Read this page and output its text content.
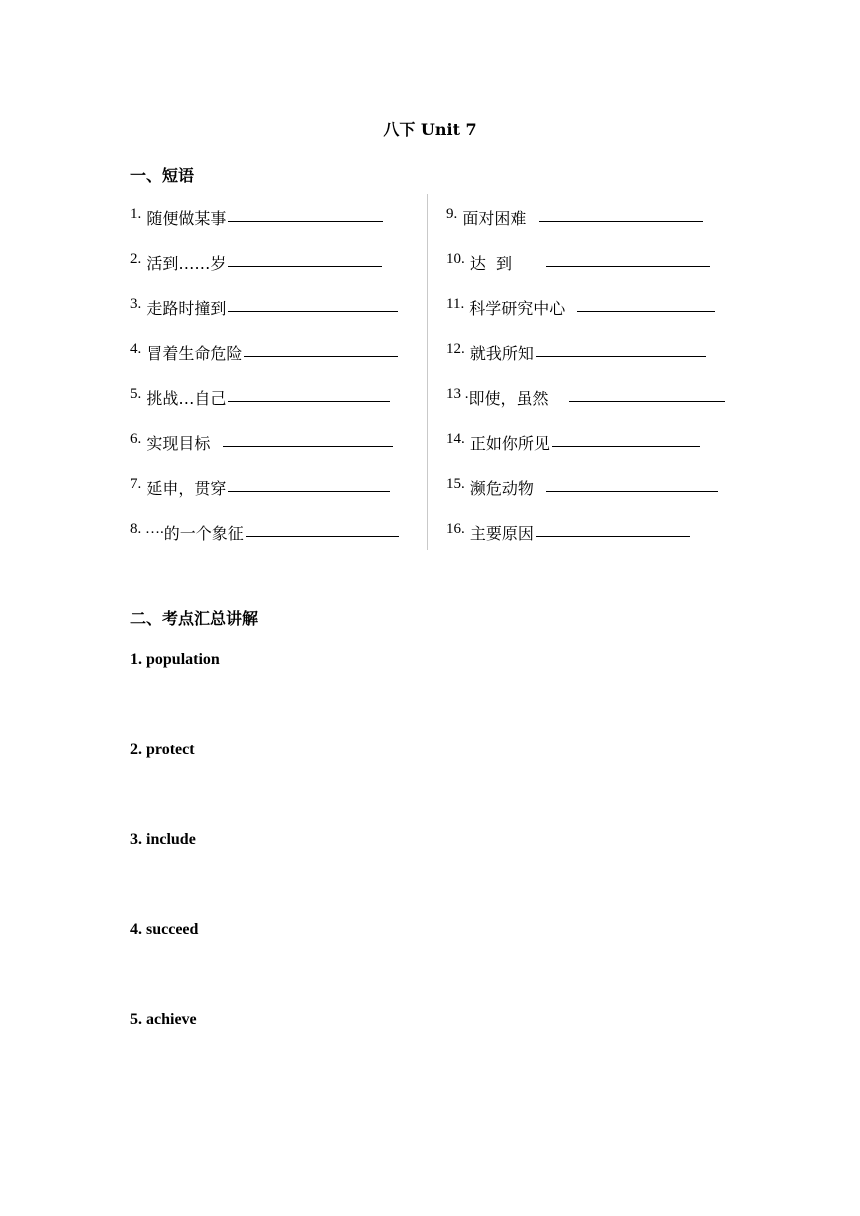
八下 Unit 7
一、短语
1.
随便做某事
2.
活到……岁
3.
走路时撞到
4.
冒着生命危险
5.
挑战…自己
6.
实现目标

7.
延申，贯穿
8. …. 的一个象征
9.
面对困难

10.
达  到
11.
科学研究中心

12.
就我所知
13 . 即使，虽然
14.
正如你所见
15.
濒危动物

16.
主要原因
二、考点汇总讲解
1. population
2. protect
3. include
4. succeed
5. achieve
